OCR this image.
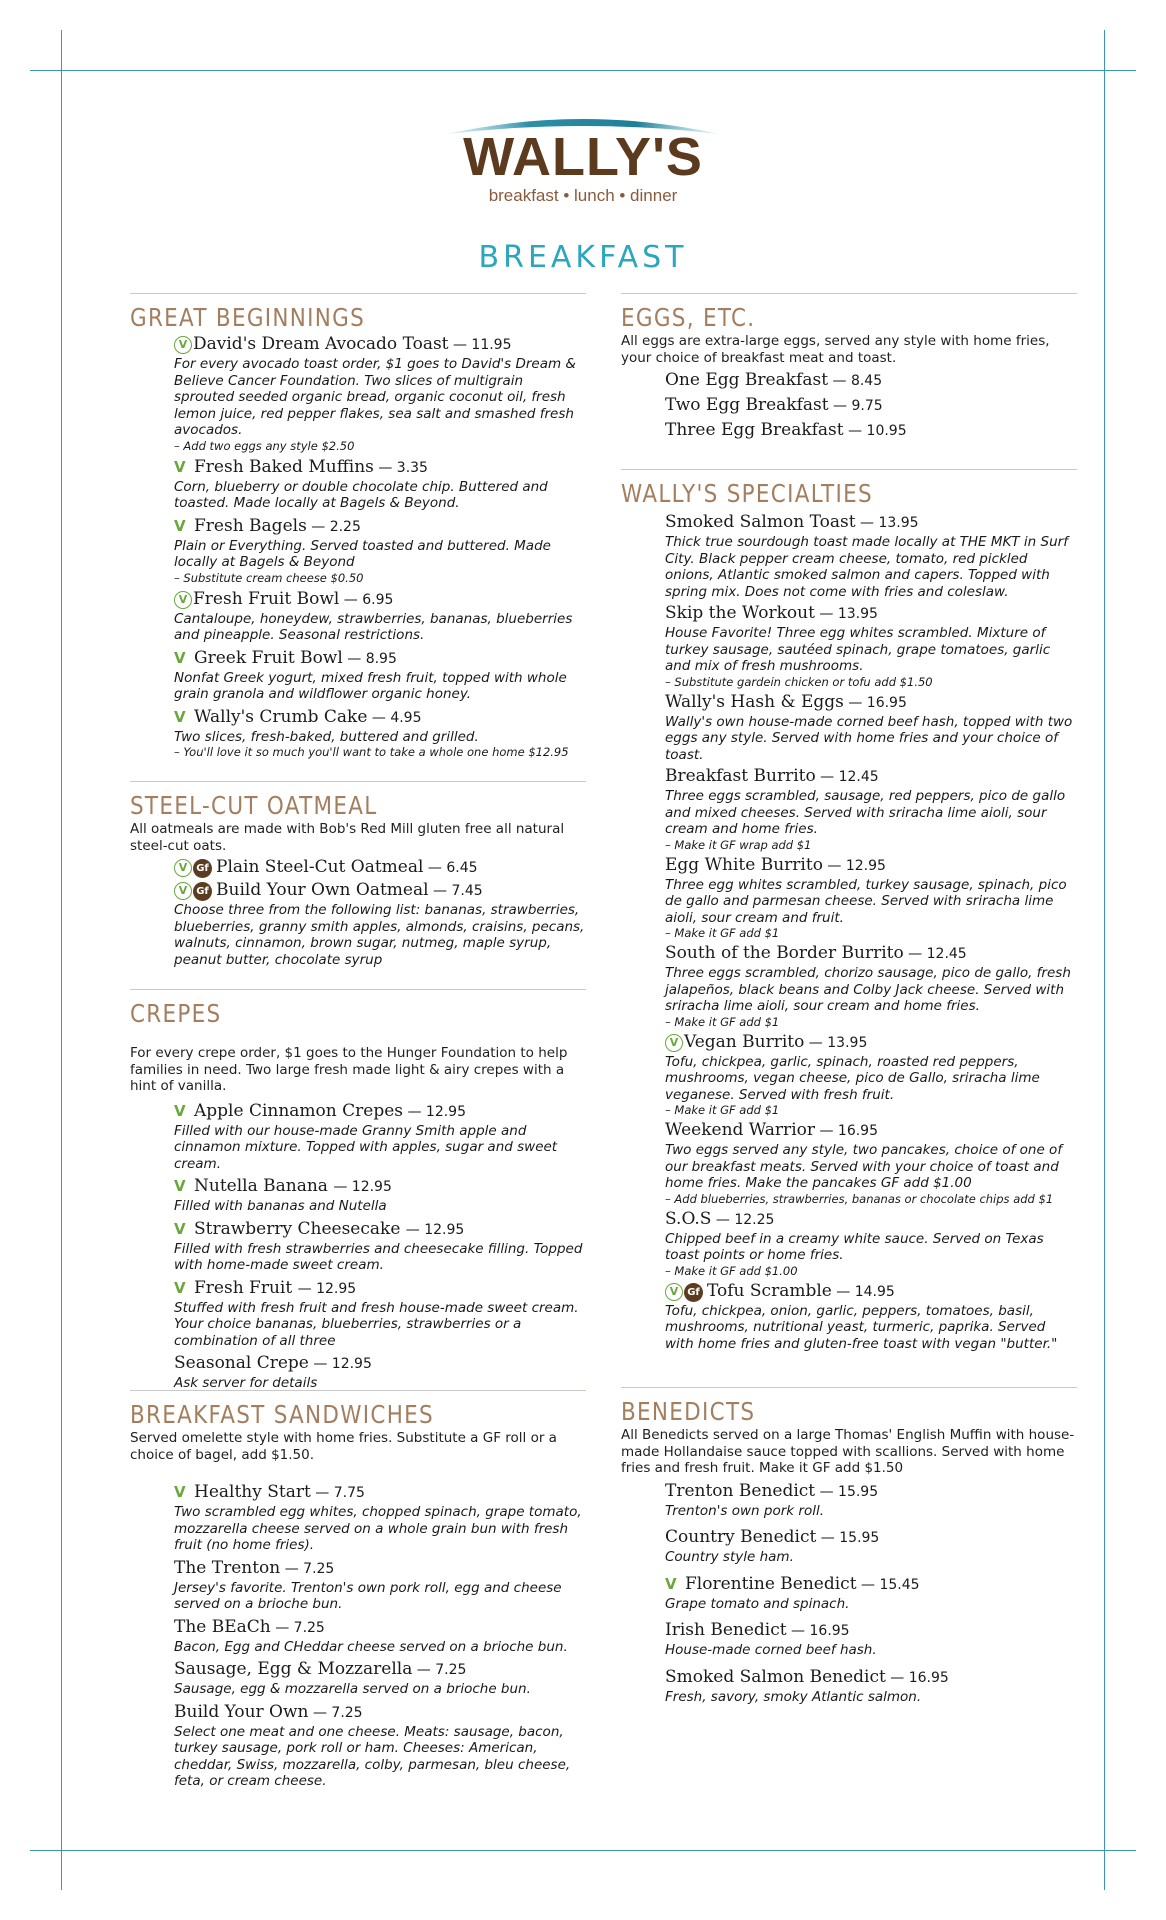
WALLY'S
breakfast • lunch • dinner
BREAKFAST
GREAT BEGINNINGS
V David's Dream Avocado Toast — 11.95
For every avocado toast order, $1 goes to David's Dream & Believe Cancer Foundation. Two slices of multigrain sprouted seeded organic bread, organic coconut oil, fresh lemon juice, red pepper flakes, sea salt and smashed fresh avocados.
– Add two eggs any style $2.50
V Fresh Baked Muffins — 3.35
Corn, blueberry or double chocolate chip. Buttered and toasted. Made locally at Bagels & Beyond.
V Fresh Bagels — 2.25
Plain or Everything. Served toasted and buttered. Made locally at Bagels & Beyond
– Substitute cream cheese $0.50
V Fresh Fruit Bowl — 6.95
Cantaloupe, honeydew, strawberries, bananas, blueberries and pineapple. Seasonal restrictions.
V Greek Fruit Bowl — 8.95
Nonfat Greek yogurt, mixed fresh fruit, topped with whole grain granola and wildflower organic honey.
V Wally's Crumb Cake — 4.95
Two slices, fresh-baked, buttered and grilled.
– You'll love it so much you'll want to take a whole one home $12.95
STEEL-CUT OATMEAL
All oatmeals are made with Bob's Red Mill gluten free all natural steel-cut oats.
V Gf Plain Steel-Cut Oatmeal — 6.45
V Gf Build Your Own Oatmeal — 7.45
Choose three from the following list: bananas, strawberries, blueberries, granny smith apples, almonds, craisins, pecans, walnuts, cinnamon, brown sugar, nutmeg, maple syrup, peanut butter, chocolate syrup
CREPES
For every crepe order, $1 goes to the Hunger Foundation to help families in need. Two large fresh made light & airy crepes with a hint of vanilla.
V Apple Cinnamon Crepes — 12.95
Filled with our house-made Granny Smith apple and cinnamon mixture. Topped with apples, sugar and sweet cream.
V Nutella Banana — 12.95
Filled with bananas and Nutella
V Strawberry Cheesecake — 12.95
Filled with fresh strawberries and cheesecake filling. Topped with home-made sweet cream.
V Fresh Fruit — 12.95
Stuffed with fresh fruit and fresh house-made sweet cream. Your choice bananas, blueberries, strawberries or a combination of all three
Seasonal Crepe — 12.95
Ask server for details
BREAKFAST SANDWICHES
Served omelette style with home fries. Substitute a GF roll or a choice of bagel, add $1.50.
V Healthy Start — 7.75
Two scrambled egg whites, chopped spinach, grape tomato, mozzarella cheese served on a whole grain bun with fresh fruit (no home fries).
The Trenton — 7.25
Jersey's favorite. Trenton's own pork roll, egg and cheese served on a brioche bun.
The BEaCh — 7.25
Bacon, Egg and CHeddar cheese served on a brioche bun.
Sausage, Egg & Mozzarella — 7.25
Sausage, egg & mozzarella served on a brioche bun.
Build Your Own — 7.25
Select one meat and one cheese. Meats: sausage, bacon, turkey sausage, pork roll or ham. Cheeses: American, cheddar, Swiss, mozzarella, colby, parmesan, bleu cheese, feta, or cream cheese.
EGGS, ETC.
All eggs are extra-large eggs, served any style with home fries, your choice of breakfast meat and toast.
One Egg Breakfast — 8.45
Two Egg Breakfast — 9.75
Three Egg Breakfast — 10.95
WALLY'S SPECIALTIES
Smoked Salmon Toast — 13.95
Thick true sourdough toast made locally at THE MKT in Surf City. Black pepper cream cheese, tomato, red pickled onions, Atlantic smoked salmon and capers. Topped with spring mix. Does not come with fries and coleslaw.
Skip the Workout — 13.95
House Favorite! Three egg whites scrambled. Mixture of turkey sausage, sautéed spinach, grape tomatoes, garlic and mix of fresh mushrooms.
– Substitute gardein chicken or tofu add $1.50
Wally's Hash & Eggs — 16.95
Wally's own house-made corned beef hash, topped with two eggs any style. Served with home fries and your choice of toast.
Breakfast Burrito — 12.45
Three eggs scrambled, sausage, red peppers, pico de gallo and mixed cheeses. Served with sriracha lime aioli, sour cream and home fries.
– Make it GF wrap add $1
Egg White Burrito — 12.95
Three egg whites scrambled, turkey sausage, spinach, pico de gallo and parmesan cheese. Served with sriracha lime aioli, sour cream and fruit.
– Make it GF add $1
South of the Border Burrito — 12.45
Three eggs scrambled, chorizo sausage, pico de gallo, fresh jalapeños, black beans and Colby Jack cheese. Served with sriracha lime aioli, sour cream and home fries.
– Make it GF add $1
V Vegan Burrito — 13.95
Tofu, chickpea, garlic, spinach, roasted red peppers, mushrooms, vegan cheese, pico de Gallo, sriracha lime veganese. Served with fresh fruit.
– Make it GF add $1
Weekend Warrior — 16.95
Two eggs served any style, two pancakes, choice of one of our breakfast meats. Served with your choice of toast and home fries. Make the pancakes GF add $1.00
– Add blueberries, strawberries, bananas or chocolate chips add $1
S.O.S — 12.25
Chipped beef in a creamy white sauce. Served on Texas toast points or home fries.
– Make it GF add $1.00
V Gf Tofu Scramble — 14.95
Tofu, chickpea, onion, garlic, peppers, tomatoes, basil, mushrooms, nutritional yeast, turmeric, paprika. Served with home fries and gluten-free toast with vegan "butter."
BENEDICTS
All Benedicts served on a large Thomas' English Muffin with house-made Hollandaise sauce topped with scallions. Served with home fries and fresh fruit. Make it GF add $1.50
Trenton Benedict — 15.95
Trenton's own pork roll.
Country Benedict — 15.95
Country style ham.
V Florentine Benedict — 15.45
Grape tomato and spinach.
Irish Benedict — 16.95
House-made corned beef hash.
Smoked Salmon Benedict — 16.95
Fresh, savory, smoky Atlantic salmon.
